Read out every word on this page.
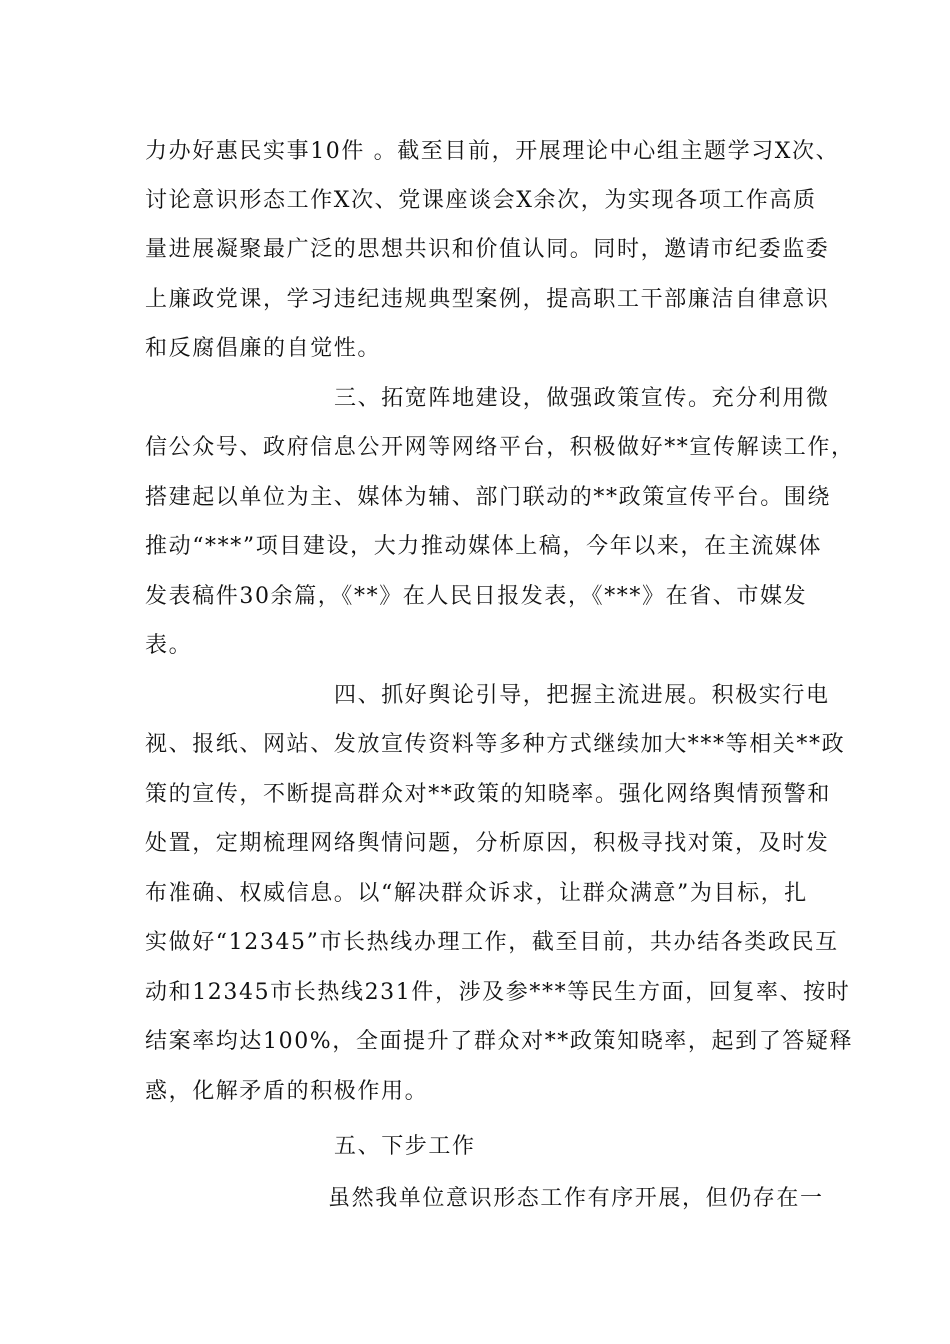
力办好惠民实事10件 。截至目前，开展理论中心组主题学习X次、
讨论意识形态工作X次、党课座谈会X余次，为实现各项工作高质
量进展凝聚最广泛的思想共识和价值认同。同时，邀请市纪委监委
上廉政党课，学习违纪违规典型案例，提高职工干部廉洁自律意识
和反腐倡廉的自觉性。
三、拓宽阵地建设，做强政策宣传。充分利用微
信公众号、政府信息公开网等网络平台，积极做好**宣传解读工作，
搭建起以单位为主、媒体为辅、部门联动的**政策宣传平台。围绕
推动“***”项目建设，大力推动媒体上稿，今年以来，在主流媒体
发表稿件30余篇，《**》在人民日报发表，《***》在省、市媒发
表。
四、抓好舆论引导，把握主流进展。积极实行电
视、报纸、网站、发放宣传资料等多种方式继续加大***等相关**政
策的宣传，不断提高群众对**政策的知晓率。强化网络舆情预警和
处置，定期梳理网络舆情问题，分析原因，积极寻找对策，及时发
布准确、权威信息。以“解决群众诉求，让群众满意”为目标，扎
实做好“12345”市长热线办理工作，截至目前，共办结各类政民互
动和12345市长热线231件，涉及参***等民生方面，回复率、按时
结案率均达100%，全面提升了群众对**政策知晓率，起到了答疑释
惑，化解矛盾的积极作用。
五、下步工作
虽然我单位意识形态工作有序开展，但仍存在一
